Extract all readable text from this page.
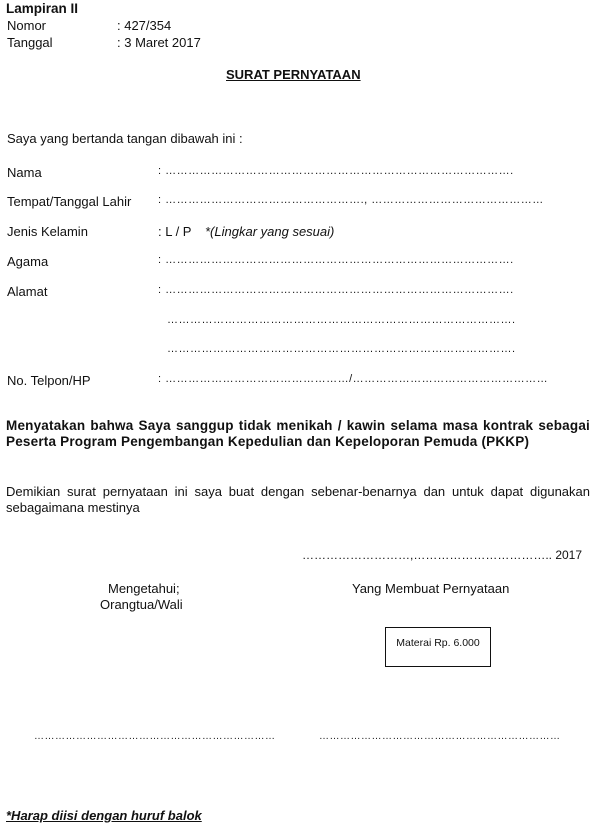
Lampiran II
Nomor	: 427/354
Tanggal	: 3 Maret 2017
SURAT PERNYATAAN
Saya yang bertanda tangan dibawah ini :
Nama	: ……………………………………………………………………………….
Tempat/Tanggal Lahir : ……………………………………………., ………………………………………
Jenis Kelamin	: L / P *(Lingkar yang sesuai)
Agama	: ……………………………………………………………………………….
Alamat	: ……………………………………………………………………………….
……………………………………………………………………………….
……………………………………………………………………………….
No. Telpon/HP	: …………………………………………/……………………………………………
Menyatakan bahwa Saya sanggup tidak menikah / kawin selama masa kontrak sebagai Peserta Program Pengembangan Kepedulian dan Kepeloporan Pemuda (PKKP)
Demikian surat pernyataan ini saya buat dengan sebenar-benarnya dan untuk dapat digunakan sebagaimana mestinya
………………………,…………………………….. 2017
Mengetahui;
Orangtua/Wali
Yang Membuat Pernyataan
Materai Rp. 6.000
……………………………………………………………	……………………………………………………………
*Harap diisi dengan huruf balok
